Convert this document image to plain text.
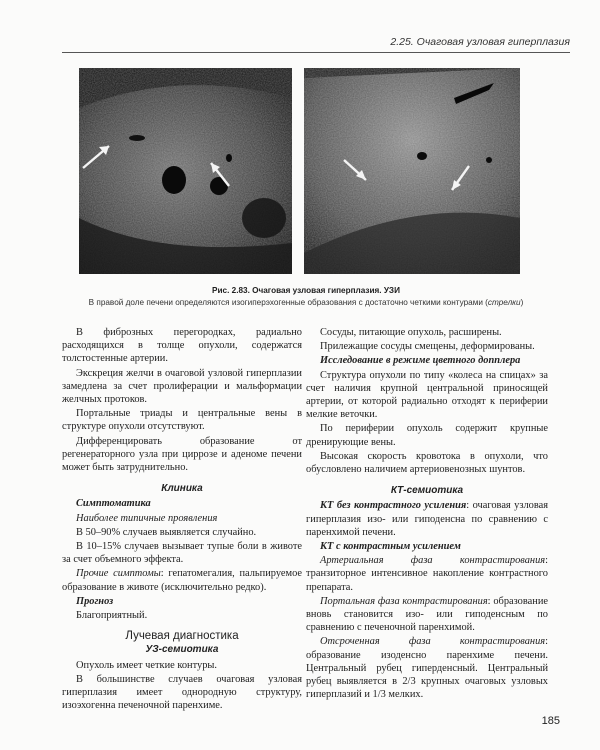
2.25. Очаговая узловая гиперплазия
Рис. 2.83. Очаговая узловая гиперплазия. УЗИ
В правой доле печени определяются изогиперэхогенные образования с достаточно четкими контурами (стрелки)

В фиброзных перегородках, радиально расходящихся в толще опухоли, содержатся толстостенные артерии.

Экскреция желчи в очаговой узловой гиперплазии замедлена за счет пролиферации и мальформации желчных протоков.

Портальные триады и центральные вены в структуре опухоли отсутствуют.

Дифференцировать образование от регенераторного узла при циррозе и аденоме печени может быть затруднительно.

Клиника

Симптоматика

Наиболее типичные проявления

В 50–90% случаев выявляется случайно.

В 10–15% случаев вызывает тупые боли в животе за счет объемного эффекта.

Прочие симптомы: гепатомегалия, пальпируемое образование в животе (исключительно редко).

Прогноз

Благоприятный.

Лучевая диагностика
УЗ-семиотика

Опухоль имеет четкие контуры.

В большинстве случаев очаговая узловая гиперплазия имеет однородную структуру, изоэхогенна печеночной паренхиме.

Сосуды, питающие опухоль, расширены.

Прилежащие сосуды смещены, деформированы.

Исследование в режиме цветного допплера

Структура опухоли по типу «колеса на спицах» за счет наличия крупной центральной приносящей артерии, от которой радиально отходят к периферии мелкие веточки.

По периферии опухоль содержит крупные дренирующие вены.

Высокая скорость кровотока в опухоли, что обусловлено наличием артериовенозных шунтов.

КТ-семиотика

КТ без контрастного усиления: очаговая узловая гиперплазия изо- или гиподенсна по сравнению с паренхимой печени.

КТ с контрастным усилением

Артериальная фаза контрастирования: транзиторное интенсивное накопление контрастного препарата.

Портальная фаза контрастирования: образование вновь становится изо- или гиподенсным по сравнению с печеночной паренхимой.

Отсроченная фаза контрастирования: образование изоденсно паренхиме печени. Центральный рубец гиперденсный. Центральный рубец выявляется в 2/3 крупных очаговых узловых гиперплазий и 1/3 мелких.

185
